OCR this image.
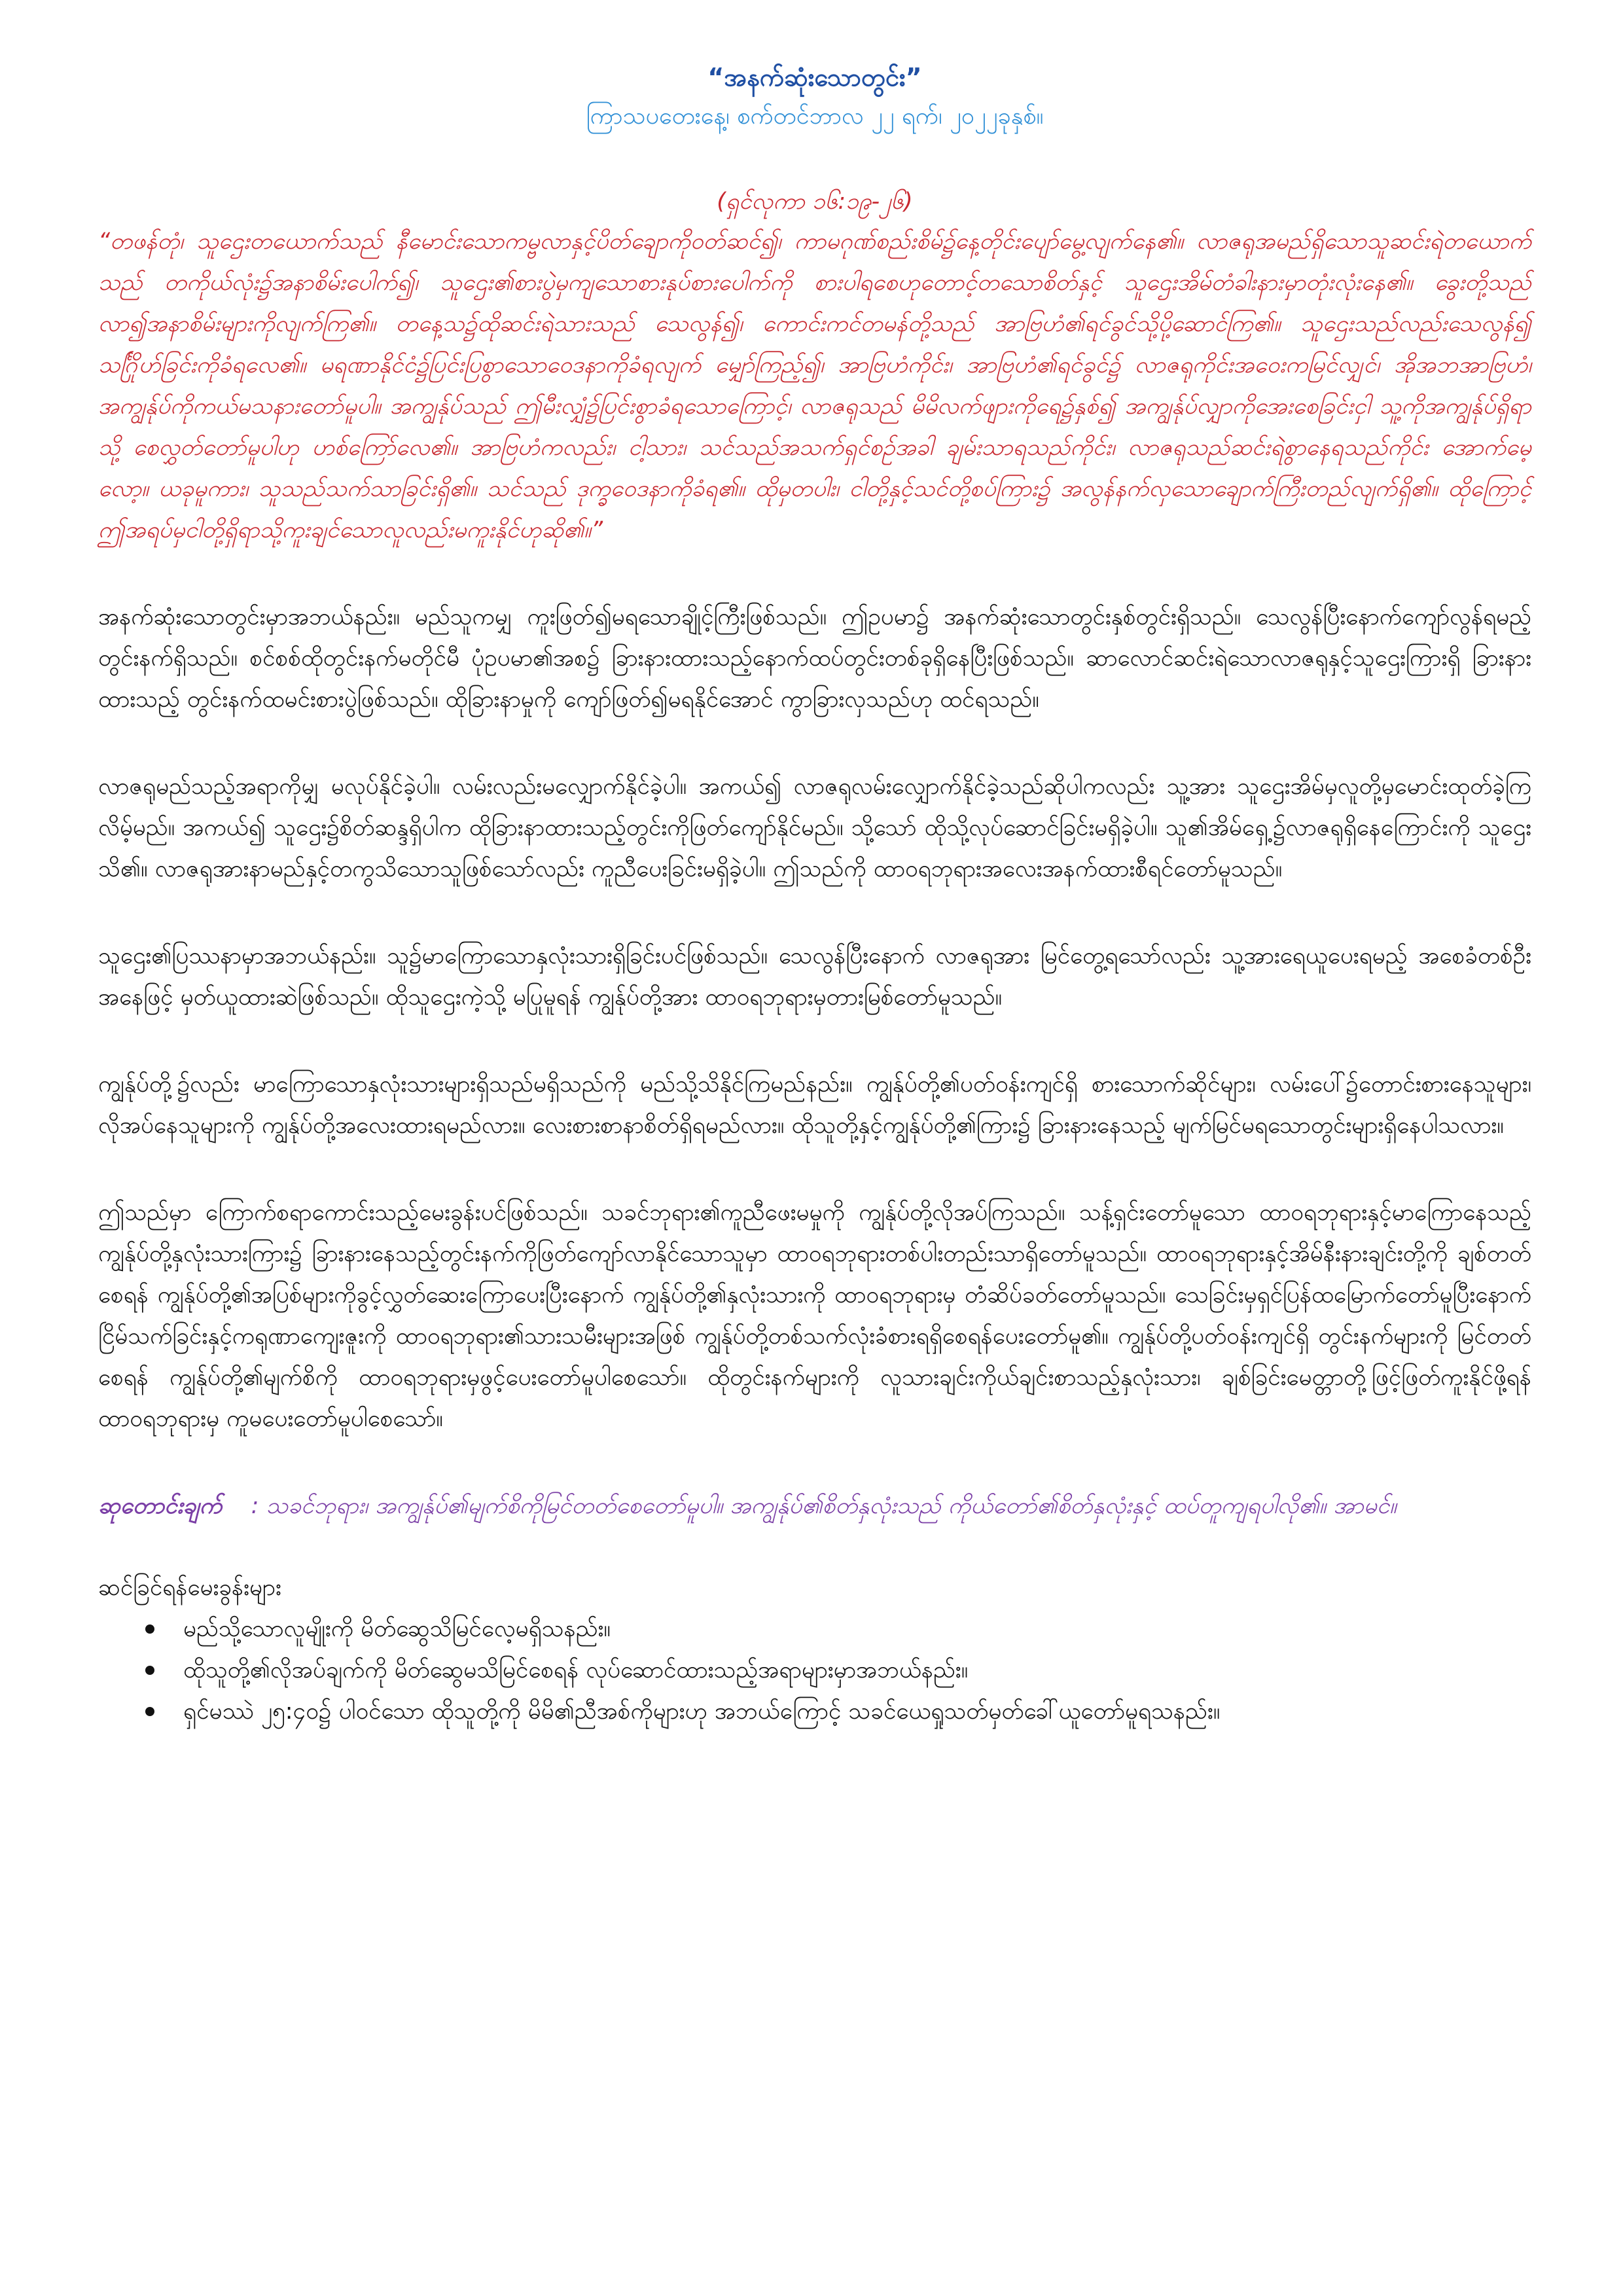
“အနက်ဆုံးသောတွင်း”
ကြာသပတေးနေ့၊ စက်တင်ဘာလ ၂၂ ရက်၊ ၂၀၂၂ခုနှစ်။
(ရှင်လုကာ ၁၆:၁၉-၂၆)

“တဖန်တုံ၊ သူဌေးတယောက်သည် နီမောင်းသောကမ္ဗလာနှင့်ပိတ်ချောကိုဝတ်ဆင်၍၊ ကာမဂုဏ်စည်းစိမ်၌နေ့တိုင်းပျော်မွေ့လျက်နေ၏။ လာဇရုအမည်ရှိသောသူဆင်းရဲတယောက်သည် တကိုယ်လုံး၌အနာစိမ်းပေါက်၍၊ သူဌေး၏စားပွဲမှကျသောစားနုပ်စားပေါက်ကို စားပါရစေဟုတောင့်တသောစိတ်နှင့် သူဌေးအိမ်တံခါးနားမှာတုံးလုံးနေ၏။ ခွေးတို့သည် လာ၍အနာစိမ်းများကိုလျက်ကြ၏။ တနေ့သ၌ထိုဆင်းရဲသားသည် သေလွန်၍၊ ကောင်းကင်တမန်တို့သည် အာဗြဟံ၏ရင်ခွင်သို့ပို့ဆောင်ကြ၏။ သူဌေးသည်လည်းသေလွန်၍ သင်္ဂြိုဟ်ခြင်းကိုခံရလေ၏။ မရဏာနိုင်ငံ၌ပြင်းပြစွာသောဝေဒနာကိုခံရလျက် မျှော်ကြည့်၍၊ အာဗြဟံကိုင်း၊ အာဗြဟံ၏ရင်ခွင်၌ လာဇရုကိုင်းအဝေးကမြင်လျှင်၊ အိုအဘအာဗြဟံ၊ အကျွန်ုပ်ကိုကယ်မသနားတော်မူပါ။ အကျွန်ုပ်သည် ဤမီးလျှံ၌ပြင်းစွာခံရသောကြောင့်၊ လာဇရုသည် မိမိလက်ဖျားကိုရေ၌နှစ်၍ အကျွန်ုပ်လျှာကိုအေးစေခြင်းငှါ သူ့ကိုအကျွန်ုပ်ရှိရာသို့ စေလွှတ်တော်မူပါဟု ဟစ်ကြော်လေ၏။ အာဗြဟံကလည်း၊ ငါ့သား၊ သင်သည်အသက်ရှင်စဉ်အခါ ချမ်းသာရသည်ကိုင်း၊ လာဇရုသည်ဆင်းရဲစွာနေရသည်ကိုင်း အောက်မေ့လော့။ ယခုမူကား၊ သူသည်သက်သာခြင်းရှိ၏။ သင်သည် ဒုက္ခဝေဒနာကိုခံရ၏။ ထိုမှတပါး၊ ငါတို့နှင့်သင်တို့စပ်ကြား၌ အလွန်နက်လှသောချောက်ကြီးတည်လျက်ရှိ၏။ ထိုကြောင့် ဤအရပ်မှငါတို့ရှိရာသို့ကူးချင်သောလူလည်းမကူးနိုင်ဟုဆို၏။”

အနက်ဆုံးသောတွင်းမှာအဘယ်နည်း။ မည်သူကမျှ ကူးဖြတ်၍မရသောချိုင့်ကြီးဖြစ်သည်။ ဤဥပမာ၌ အနက်ဆုံးသောတွင်းနှစ်တွင်းရှိသည်။ သေလွန်ပြီးနောက်ကျော်လွန်ရမည့်တွင်းနက်ရှိသည်။ စင်စစ်ထိုတွင်းနက်မတိုင်မီ ပုံဥပမာ၏အစ၌ ခြားနားထားသည့်နောက်ထပ်တွင်းတစ်ခုရှိနေပြီးဖြစ်သည်။ ဆာလောင်ဆင်းရဲသောလာဇရုနှင့်သူဌေးကြားရှိ ခြားနားထားသည့် တွင်းနက်ထမင်းစားပွဲဖြစ်သည်။ ထိုခြားနာမှုကို ကျော်ဖြတ်၍မရနိုင်အောင် ကွာခြားလှသည်ဟု ထင်ရသည်။

လာဇရုမည်သည့်အရာကိုမျှ မလုပ်နိုင်ခဲ့ပါ။ လမ်းလည်းမလျှောက်နိုင်ခဲ့ပါ။ အကယ်၍ လာဇရုလမ်းလျှောက်နိုင်ခဲ့သည်ဆိုပါကလည်း သူ့အား သူဌေးအိမ်မှလူတို့မှမောင်းထုတ်ခဲ့ကြလိမ့်မည်။ အကယ်၍ သူဌေး၌စိတ်ဆန္ဒရှိပါက ထိုခြားနာထားသည့်တွင်းကိုဖြတ်ကျော်နိုင်မည်။ သို့သော် ထိုသို့လုပ်ဆောင်ခြင်းမရှိခဲ့ပါ။ သူ၏အိမ်ရှေ့၌လာဇရုရှိနေကြောင်းကို သူဌေးသိ၏။ လာဇရုအားနာမည်နှင့်တကွသိသောသူဖြစ်သော်လည်း ကူညီပေးခြင်းမရှိခဲ့ပါ။ ဤသည်ကို ထာဝရဘုရားအလေးအနက်ထားစီရင်တော်မူသည်။

သူဌေး၏ပြဿနာမှာအဘယ်နည်း။ သူ၌မာကြောသောနှလုံးသားရှိခြင်းပင်ဖြစ်သည်။ သေလွန်ပြီးနောက် လာဇရုအား မြင်တွေ့ရသော်လည်း သူ့အားရေယူပေးရမည့် အစေခံတစ်ဦးအနေဖြင့် မှတ်ယူထားဆဲဖြစ်သည်။ ထိုသူဌေးကဲ့သို့ မပြုမူရန် ကျွန်ုပ်တို့အား ထာဝရဘုရားမှတားမြစ်တော်မူသည်။

ကျွန်ုပ်တို့၌လည်း မာကြောသောနှလုံးသားများရှိသည်မရှိသည်ကို မည်သို့သိနိုင်ကြမည်နည်း။ ကျွန်ုပ်တို့၏ပတ်ဝန်းကျင်ရှိ စားသောက်ဆိုင်များ၊ လမ်းပေါ်၌တောင်းစားနေသူများ၊ လိုအပ်နေသူများကို ကျွန်ုပ်တို့အလေးထားရမည်လား။ လေးစားစာနာစိတ်ရှိရမည်လား။ ထိုသူတို့နှင့်ကျွန်ုပ်တို့၏ကြား၌ ခြားနားနေသည့် မျက်မြင်မရသောတွင်းများရှိနေပါသလား။

ဤသည်မှာ ကြောက်စရာကောင်းသည့်မေးခွန်းပင်ဖြစ်သည်။ သခင်ဘုရား၏ကူညီဖေးမမှုကို ကျွန်ုပ်တို့လိုအပ်ကြသည်။ သန့်ရှင်းတော်မူသော ထာဝရဘုရားနှင့်မာကြောနေသည့်ကျွန်ုပ်တို့နှလုံးသားကြား၌ ခြားနားနေသည့်တွင်းနက်ကိုဖြတ်ကျော်လာနိုင်သောသူမှာ ထာဝရဘုရားတစ်ပါးတည်းသာရှိတော်မူသည်။ ထာဝရဘုရားနှင့်အိမ်နီးနားချင်းတို့ကို ချစ်တတ်စေရန် ကျွန်ုပ်တို့၏အပြစ်များကိုခွင့်လွှတ်ဆေးကြောပေးပြီးနောက် ကျွန်ုပ်တို့၏နှလုံးသားကို ထာဝရဘုရားမှ တံဆိပ်ခတ်တော်မူသည်။ သေခြင်းမှရှင်ပြန်ထမြောက်တော်မူပြီးနောက် ငြိမ်သက်ခြင်းနှင့်ကရုဏာကျေးဇူးကို ထာဝရဘုရား၏သားသမီးများအဖြစ် ကျွန်ုပ်တို့တစ်သက်လုံးခံစားရရှိစေရန်ပေးတော်မူ၏။ ကျွန်ုပ်တို့ပတ်ဝန်းကျင်ရှိ တွင်းနက်များကို မြင်တတ်စေရန် ကျွန်ုပ်တို့၏မျက်စိကို ထာဝရဘုရားမှဖွင့်ပေးတော်မူပါစေသော်။ ထိုတွင်းနက်များကို လူသားချင်းကိုယ်ချင်းစာသည့်နှလုံးသား၊ ချစ်ခြင်းမေတ္တာတို့ဖြင့်ဖြတ်ကူးနိုင်ဖို့ရန် ထာဝရဘုရားမှ ကူမပေးတော်မူပါစေသော်။

ဆုတောင်းချက် : သခင်ဘုရား၊ အကျွန်ုပ်၏မျက်စိကိုမြင်တတ်စေတော်မူပါ။ အကျွန်ုပ်၏စိတ်နှလုံးသည် ကိုယ်တော်၏စိတ်နှလုံးနှင့် ထပ်တူကျရပါလို၏။ အာမင်။

ဆင်ခြင်ရန်မေးခွန်းများ
မည်သို့သောလူမျိုးကို မိတ်ဆွေသိမြင်လေ့မရှိသနည်း။
ထိုသူတို့၏လိုအပ်ချက်ကို မိတ်ဆွေမသိမြင်စေရန် လုပ်ဆောင်ထားသည့်အရာများမှာအဘယ်နည်း။
ရှင်မဿဲ ၂၅:၄၀၌ ပါဝင်သော ထိုသူတို့ကို မိမိ၏ညီအစ်ကိုများဟု အဘယ်ကြောင့် သခင်ယေရှုသတ်မှတ်ခေါ်ယူတော်မူရသနည်း။
